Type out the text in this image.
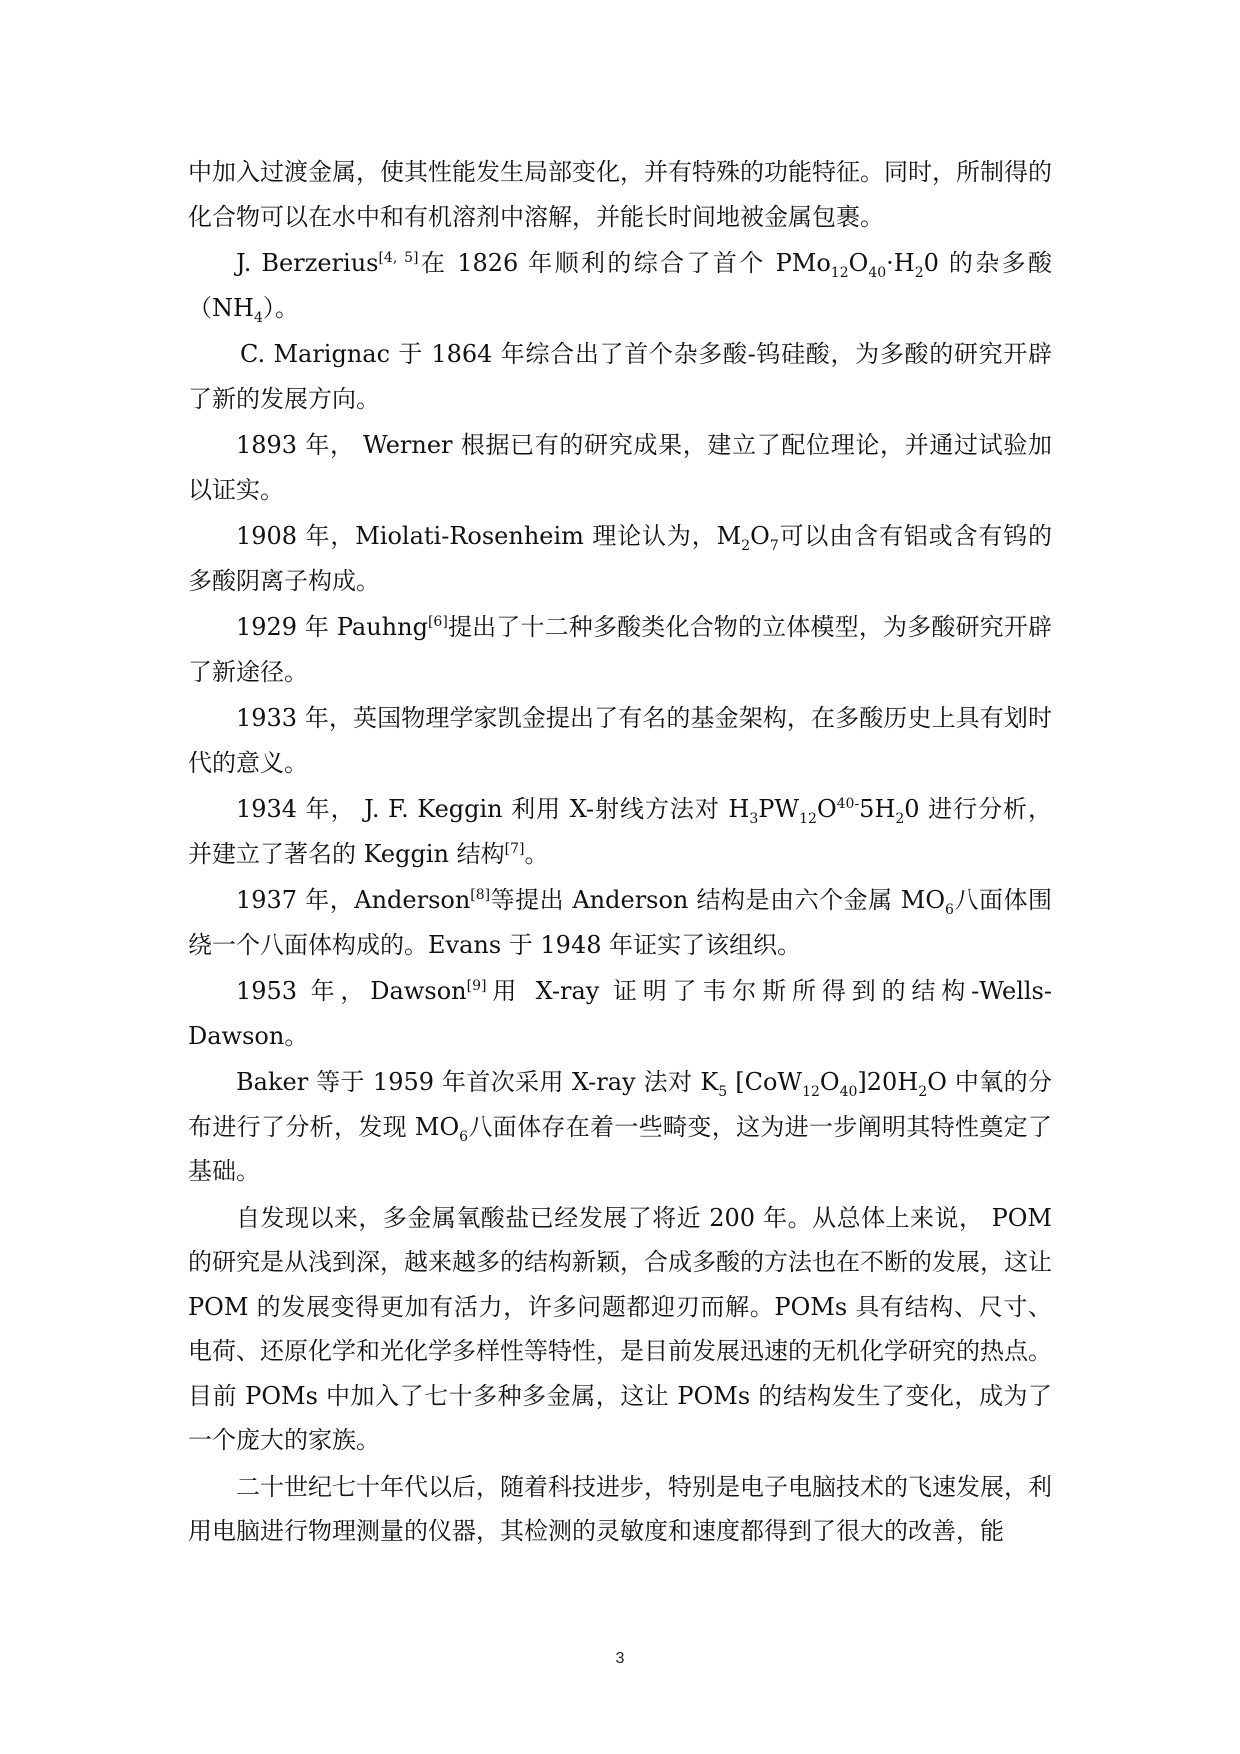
中加入过渡金属，使其性能发生局部变化，并有特殊的功能特征。同时，所制得的化合物可以在水中和有机溶剂中溶解，并能长时间地被金属包裹。

J. Berzerius[4, 5]在 1826 年顺利的综合了首个 $PMo_{12}O_{40}\cdot H_20$ 的杂多酸$(NH_4)$。

C. Marignac 于 1864 年综合出了首个杂多酸-钨硅酸，为多酸的研究开辟了新的发展方向。

1893 年， Werner 根据已有的研究成果，建立了配位理论，并通过试验加以证实。

1908 年，Miolati-Rosenheim 理论认为，$M_2O_7$可以由含有铝或含有钨的多酸阴离子构成。

1929 年 Pauhng[6]提出了十二种多酸类化合物的立体模型，为多酸研究开辟了新途径。

1933 年，英国物理学家凯金提出了有名的基金架构，在多酸历史上具有划时代的意义。

1934 年， J. F. Keggin 利用 X-射线方法对 $H_3PW_{12}O^{40-}5H_20$ 进行分析，并建立了著名的 Keggin 结构[7]。

1937 年，Anderson[8]等提出 Anderson 结构是由六个金属 $MO_6$八面体围绕一个八面体构成的。Evans 于 1948 年证实了该组织。

1953 年，Dawson[9]用 X-ray 证明了韦尔斯所得到的结构-Wells-Dawson。

Baker 等于 1959 年首次采用 X-ray 法对 $K_5$ $[CoW_{12}O_{40}]20H_2O$ 中氧的分布进行了分析，发现 $MO_6$八面体存在着一些畸变，这为进一步阐明其特性奠定了基础。

自发现以来，多金属氧酸盐已经发展了将近 200 年。从总体上来说， POM 的研究是从浅到深，越来越多的结构新颖，合成多酸的方法也在不断的发展，这让 POM 的发展变得更加有活力，许多问题都迎刃而解。POMs 具有结构、尺寸、电荷、还原化学和光化学多样性等特性，是目前发展迅速的无机化学研究的热点。目前 POMs 中加入了七十多种多金属，这让 POMs 的结构发生了变化，成为了一个庞大的家族。

二十世纪七十年代以后，随着科技进步，特别是电子电脑技术的飞速发展，利用电脑进行物理测量的仪器，其检测的灵敏度和速度都得到了很大的改善，能

3
